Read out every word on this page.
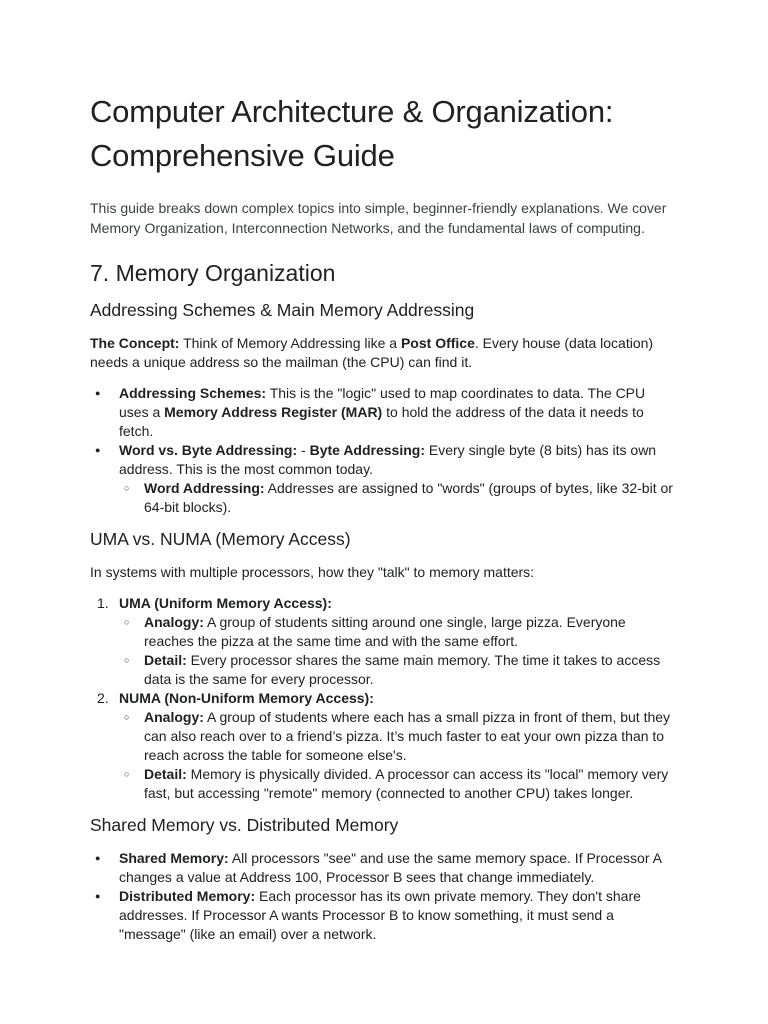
Computer Architecture & Organization: Comprehensive Guide
This guide breaks down complex topics into simple, beginner-friendly explanations. We cover Memory Organization, Interconnection Networks, and the fundamental laws of computing.
7. Memory Organization
Addressing Schemes & Main Memory Addressing

The Concept: Think of Memory Addressing like a Post Office. Every house (data location) needs a unique address so the mailman (the CPU) can find it.

● Addressing Schemes: This is the "logic" used to map coordinates to data. The CPU uses a Memory Address Register (MAR) to hold the address of the data it needs to fetch.
● Word vs. Byte Addressing: - Byte Addressing: Every single byte (8 bits) has its own address. This is the most common today.
○ Word Addressing: Addresses are assigned to "words" (groups of bytes, like 32-bit or 64-bit blocks).
UMA vs. NUMA (Memory Access)

In systems with multiple processors, how they "talk" to memory matters:

1. UMA (Uniform Memory Access):
○ Analogy: A group of students sitting around one single, large pizza. Everyone reaches the pizza at the same time and with the same effort.
○ Detail: Every processor shares the same main memory. The time it takes to access data is the same for every processor.
2. NUMA (Non-Uniform Memory Access):
○ Analogy: A group of students where each has a small pizza in front of them, but they can also reach over to a friend’s pizza. It’s much faster to eat your own pizza than to reach across the table for someone else's.
○ Detail: Memory is physically divided. A processor can access its "local" memory very fast, but accessing "remote" memory (connected to another CPU) takes longer.
Shared Memory vs. Distributed Memory
● Shared Memory: All processors "see" and use the same memory space. If Processor A changes a value at Address 100, Processor B sees that change immediately.
● Distributed Memory: Each processor has its own private memory. They don't share addresses. If Processor A wants Processor B to know something, it must send a "message" (like an email) over a network.
